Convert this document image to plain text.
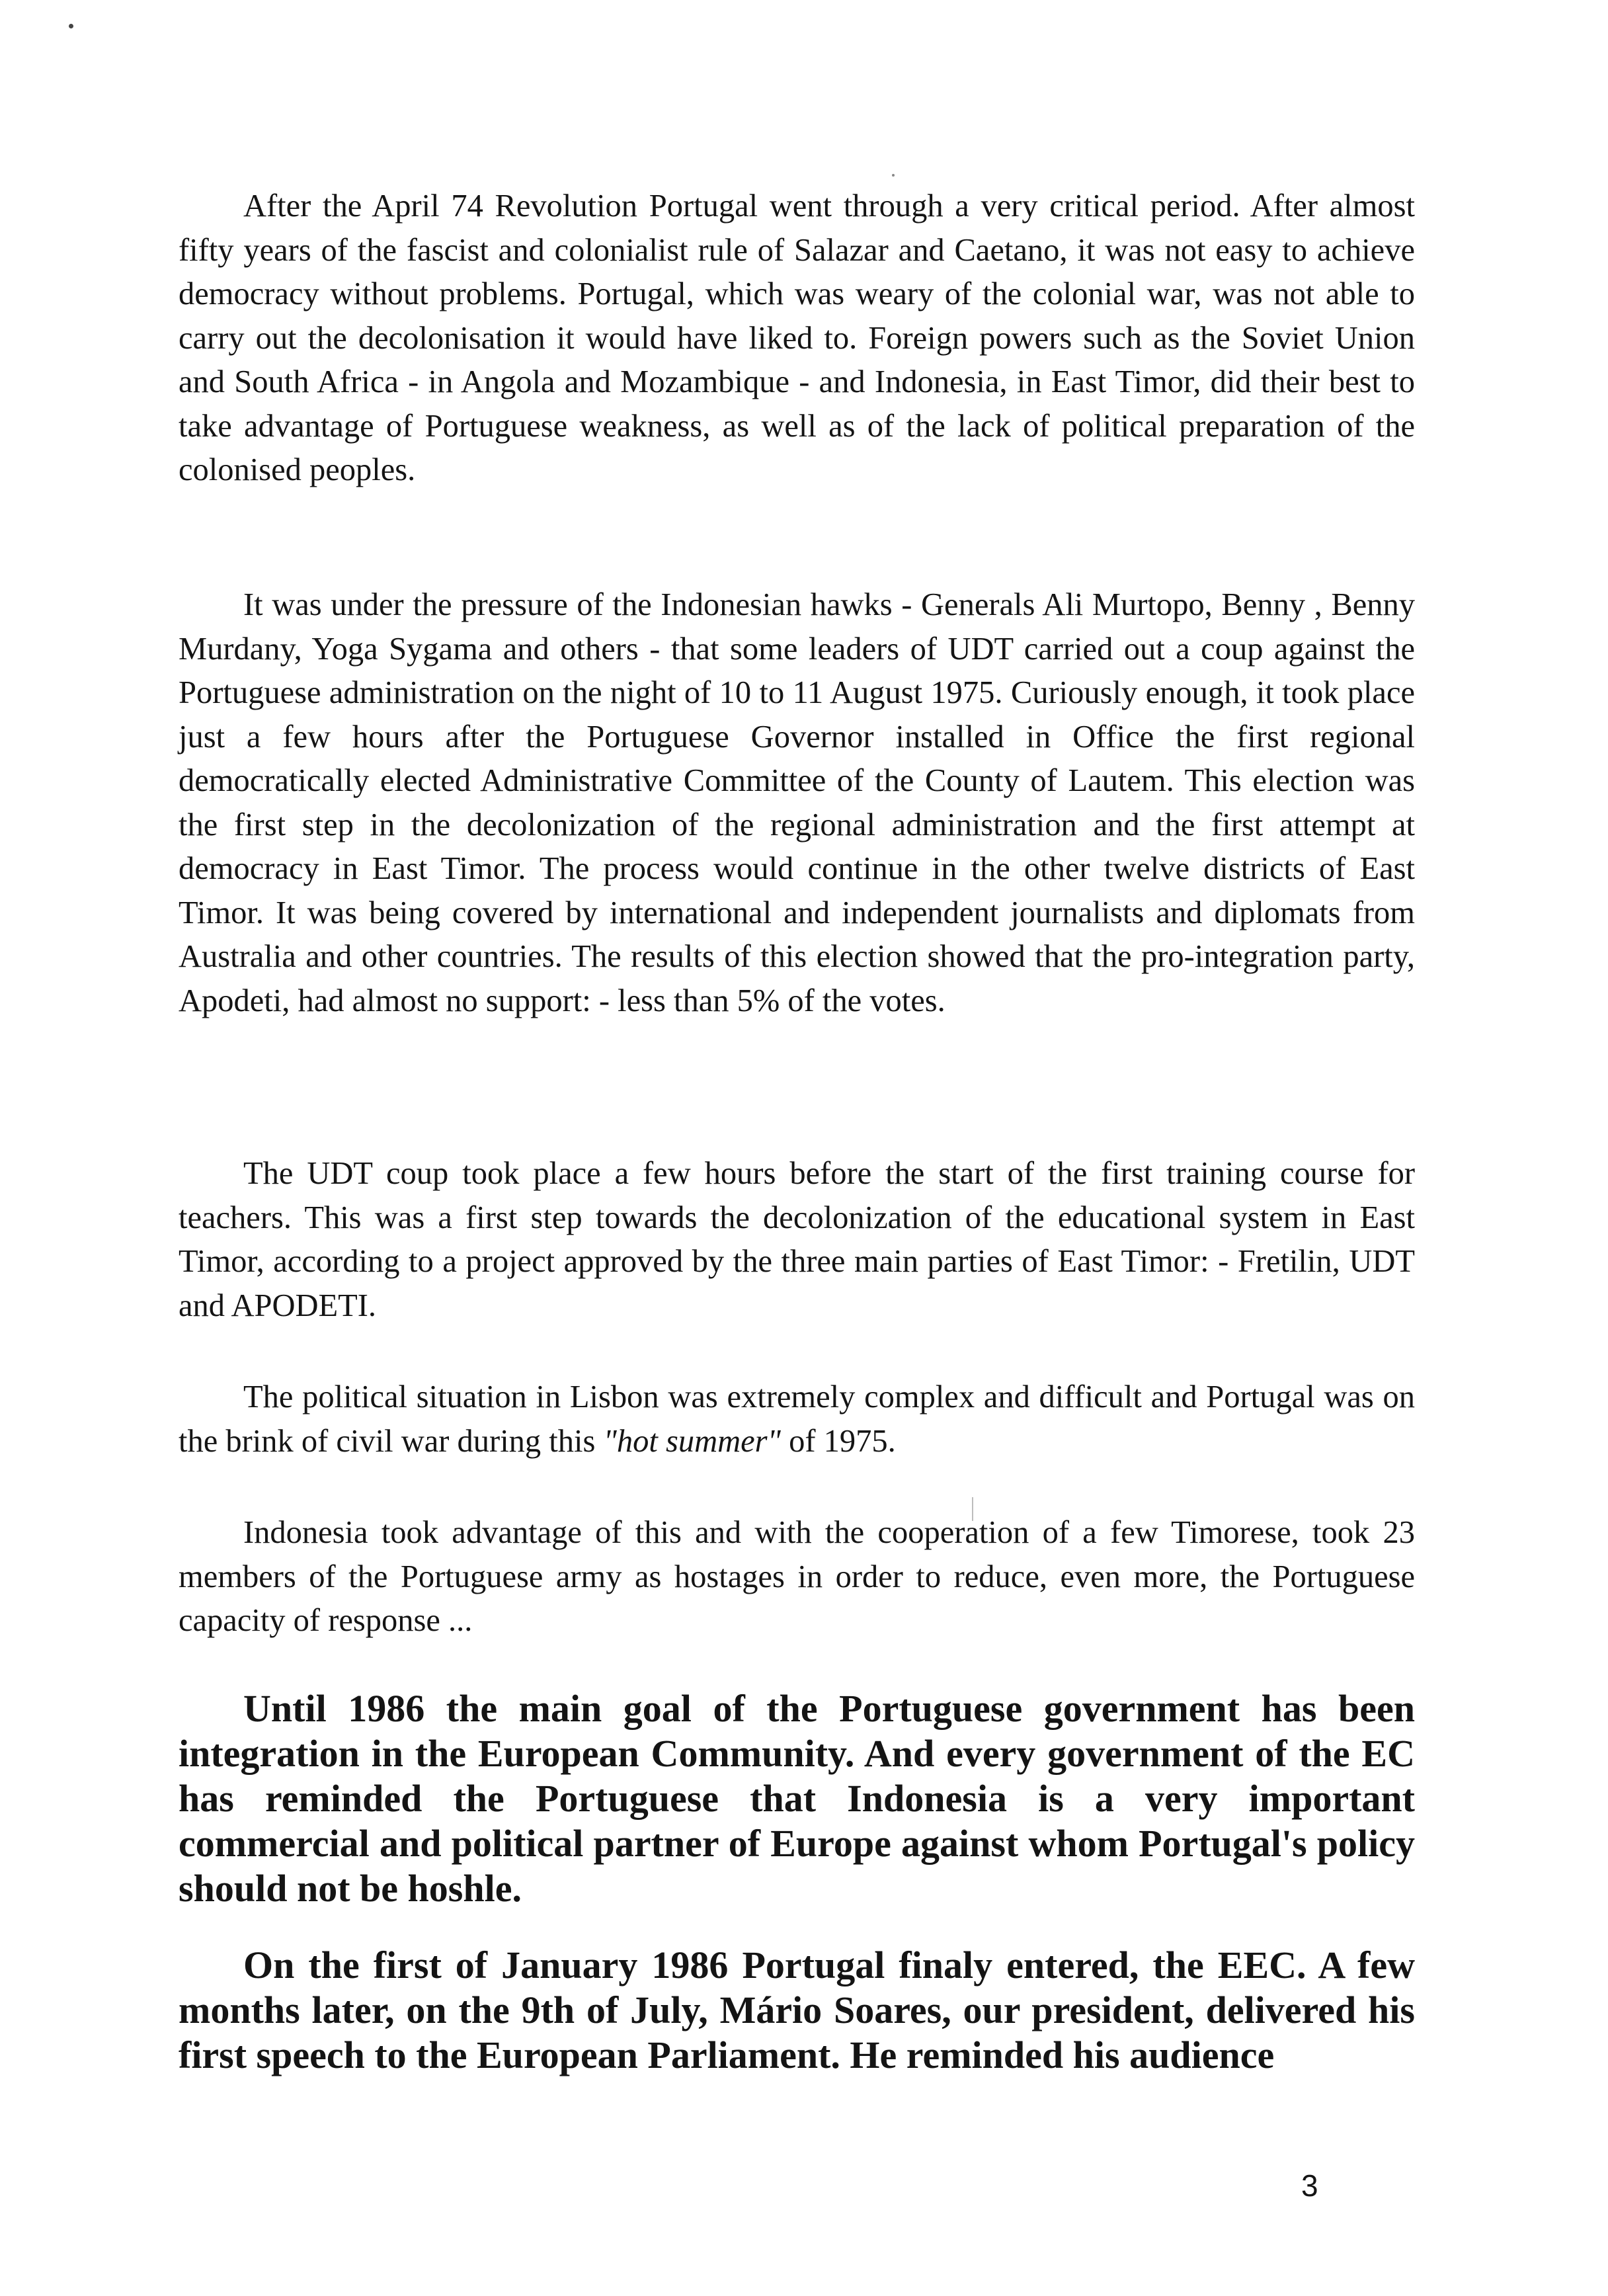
After the April 74 Revolution Portugal went through a very critical period. After almost fifty years of the fascist and colonialist rule of Salazar and Caetano, it was not easy to achieve democracy without problems. Portugal, which was weary of the colonial war, was not able to carry out the decolonisation it would have liked to. Foreign powers such as the Soviet Union and South Africa - in Angola and Mozambique - and Indonesia, in East Timor, did their best to take advantage of Portuguese weakness, as well as of the lack of political preparation of the colonised peoples.

It was under the pressure of the Indonesian hawks - Generals Ali Murtopo, Benny , Benny Murdany, Yoga Sygama and others - that some leaders of UDT carried out a coup against the Portuguese administration on the night of 10 to 11 August 1975. Curiously enough, it took place just a few hours after the Portuguese Governor installed in Office the first regional democratically elected Administrative Committee of the County of Lautem. This election was the first step in the decolonization of the regional administration and the first attempt at democracy in East Timor. The process would continue in the other twelve districts of East Timor. It was being covered by international and independent journalists and diplomats from Australia and other countries. The results of this election showed that the pro-integration party, Apodeti, had almost no support: - less than 5% of the votes.

The UDT coup took place a few hours before the start of the first training course for teachers. This was a first step towards the decolonization of the educational system in East Timor, according to a project approved by the three main parties of East Timor: - Fretilin, UDT and APODETI.

The political situation in Lisbon was extremely complex and difficult and Portugal was on the brink of civil war during this "hot summer" of 1975.

Indonesia took advantage of this and with the cooperation of a few Timorese, took 23 members of the Portuguese army as hostages in order to reduce, even more, the Portuguese capacity of response ...

Until 1986 the main goal of the Portuguese government has been integration in the European Community. And every government of the EC has reminded the Portuguese that Indonesia is a very important commercial and political partner of Europe against whom Portugal's policy should not be hoshle.

On the first of January 1986 Portugal finaly entered, the EEC. A few months later, on the 9th of July, Mário Soares, our president, delivered his first speech to the European Parliament. He reminded his audience

3
